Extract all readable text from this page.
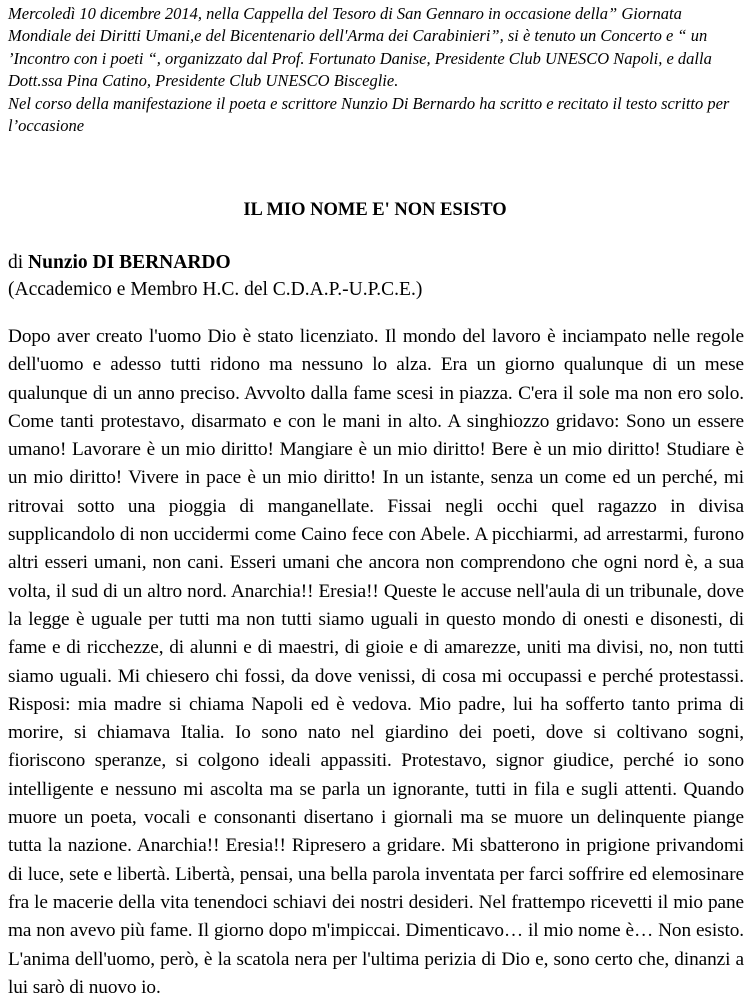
Mercoledì 10 dicembre 2014, nella Cappella del Tesoro di San Gennaro in occasione della” Giornata Mondiale dei Diritti Umani,e del Bicentenario dell'Arma dei Carabinieri”, si è tenuto un Concerto e “ un ’Incontro con i poeti “, organizzato dal Prof. Fortunato Danise, Presidente Club UNESCO Napoli, e dalla Dott.ssa Pina Catino, Presidente Club UNESCO Bisceglie.

Nel corso della manifestazione il poeta e scrittore Nunzio Di Bernardo ha scritto e recitato il testo scritto per l’occasione

IL MIO NOME E' NON ESISTO

di Nunzio DI BERNARDO

(Accademico e Membro H.C. del C.D.A.P.-U.P.C.E.)

Dopo aver creato l'uomo Dio è stato licenziato. Il mondo del lavoro è inciampato nelle regole dell'uomo e adesso tutti ridono ma nessuno lo alza. Era un giorno qualunque di un mese qualunque di un anno preciso. Avvolto dalla fame scesi in piazza. C'era il sole ma non ero solo. Come tanti protestavo, disarmato e con le mani in alto. A singhiozzo gridavo: Sono un essere umano! Lavorare è un mio diritto! Mangiare è un mio diritto! Bere è un mio diritto! Studiare è un mio diritto! Vivere in pace è un mio diritto! In un istante, senza un come ed un perché, mi ritrovai sotto una pioggia di manganellate. Fissai negli occhi quel ragazzo in divisa supplicandolo di non uccidermi come Caino fece con Abele. A picchiarmi, ad arrestarmi, furono altri esseri umani, non cani. Esseri umani che ancora non comprendono che ogni nord è, a sua volta, il sud di un altro nord. Anarchia!! Eresia!! Queste le accuse nell'aula di un tribunale, dove la legge è uguale per tutti ma non tutti siamo uguali in questo mondo di onesti e disonesti, di fame e di ricchezze, di alunni e di maestri, di gioie e di amarezze, uniti ma divisi, no, non tutti siamo uguali. Mi chiesero chi fossi, da dove venissi, di cosa mi occupassi e perché protestassi. Risposi: mia madre si chiama Napoli ed è vedova. Mio padre, lui ha sofferto tanto prima di morire, si chiamava Italia. Io sono nato nel giardino dei poeti, dove si coltivano sogni, fioriscono speranze, si colgono ideali appassiti. Protestavo, signor giudice, perché io sono intelligente e nessuno mi ascolta ma se parla un ignorante, tutti in fila e sugli attenti. Quando muore un poeta, vocali e consonanti disertano i giornali ma se muore un delinquente piange tutta la nazione. Anarchia!! Eresia!! Ripresero a gridare. Mi sbatterono in prigione privandomi di luce, sete e libertà. Libertà, pensai, una bella parola inventata per farci soffrire ed elemosinare fra le macerie della vita tenendoci schiavi dei nostri desideri. Nel frattempo ricevetti il mio pane ma non avevo più fame. Il giorno dopo m'impiccai. Dimenticavo… il mio nome è… Non esisto. L'anima dell'uomo, però, è la scatola nera per l'ultima perizia di Dio e, sono certo che, dinanzi a lui sarò di nuovo io.
